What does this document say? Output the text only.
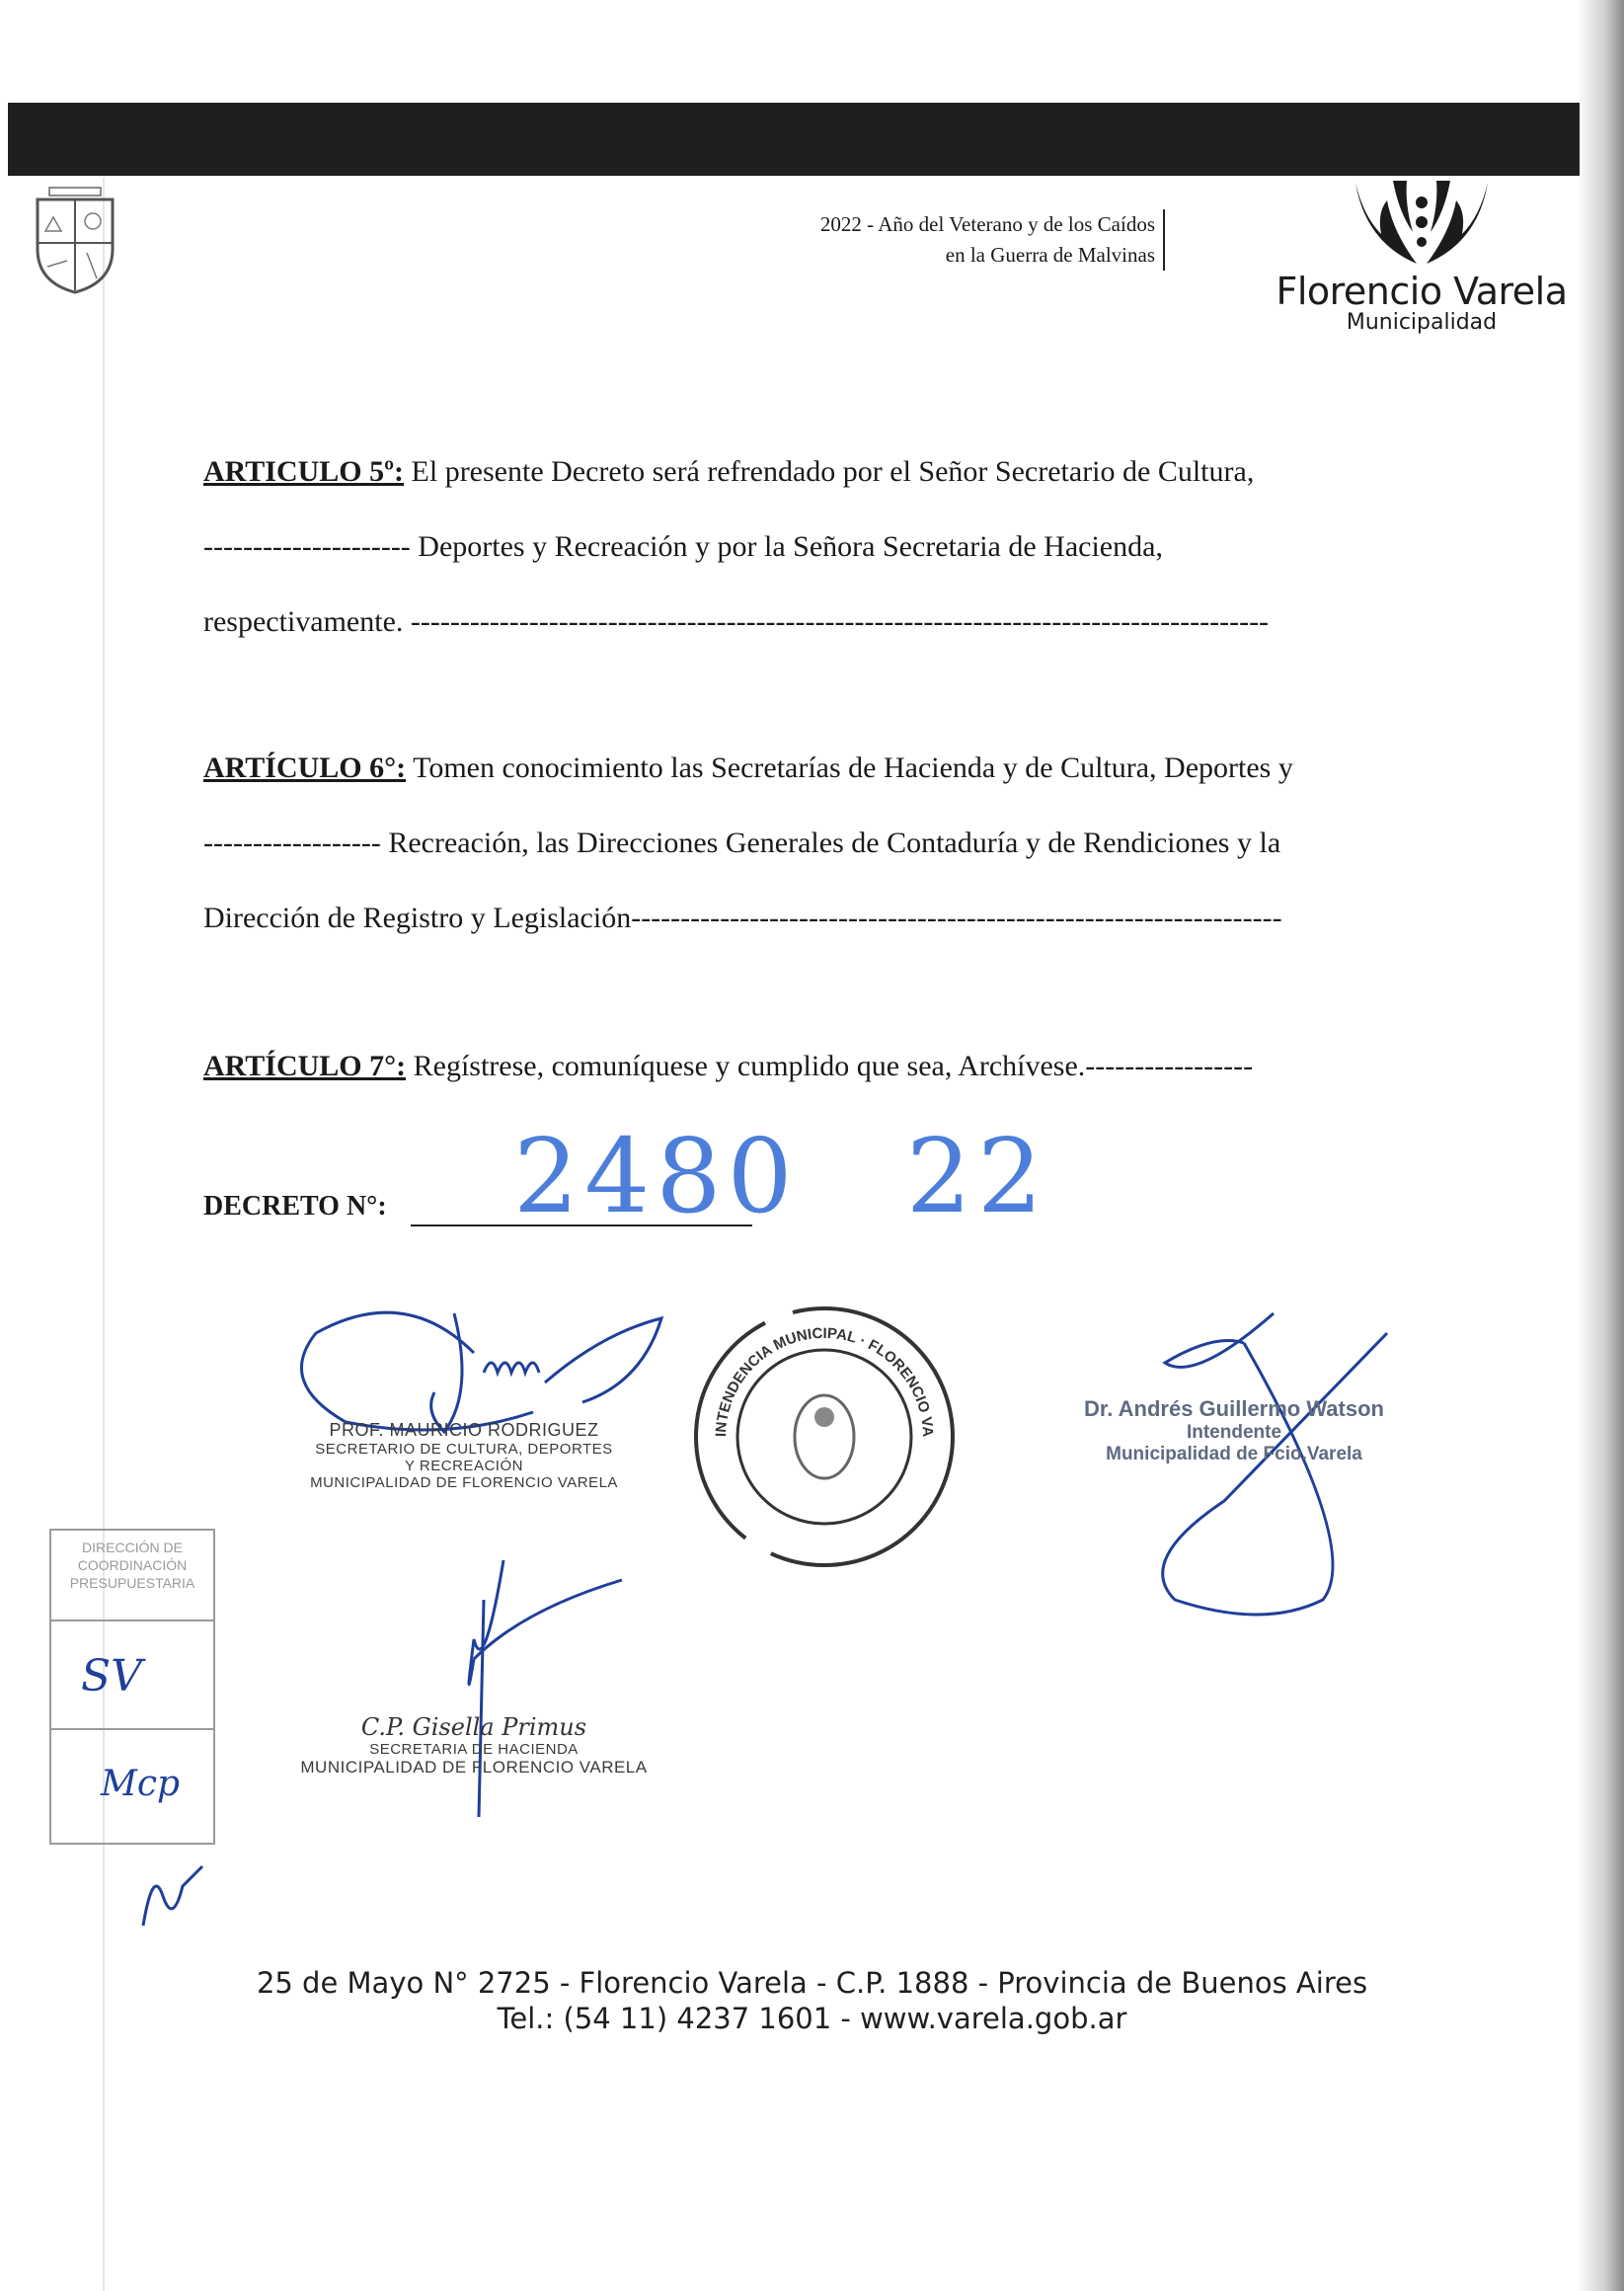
2022 - Año del Veterano y de los Caídos
en la Guerra de Malvinas
Florencio Varela
Municipalidad
ARTICULO 5º: El presente Decreto será refrendado por el Señor Secretario de Cultura,
--------------------- Deportes y Recreación y por la Señora Secretaria de Hacienda,
respectivamente. ---------------------------------------------------------------------------------------
ARTÍCULO 6°: Tomen conocimiento las Secretarías de Hacienda y de Cultura, Deportes y
------------------ Recreación, las Direcciones Generales de Contaduría y de Rendiciones y la
Dirección de Registro y Legislación------------------------------------------------------------------
ARTÍCULO 7°: Regístrese, comuníquese y cumplido que sea, Archívese.-----------------
DECRETO N°: 2480 22
PROF. MAURICIO RODRIGUEZ
SECRETARIO DE CULTURA, DEPORTES
Y RECREACIÓN
MUNICIPALIDAD DE FLORENCIO VARELA
INTENDENCIA MUNICIPAL · FLORENCIO VARELA
Dr. Andrés Guillermo Watson
Intendente
Municipalidad de Fcio.Varela
C.P. Gisella Primus
SECRETARIA DE HACIENDA
MUNICIPALIDAD DE FLORENCIO VARELA
DIRECCIÓN DE COORDINACIÓN PRESUPUESTARIA
SV
Mcp
25 de Mayo N° 2725 - Florencio Varela - C.P. 1888 - Provincia de Buenos Aires
Tel.: (54 11) 4237 1601 - www.varela.gob.ar
